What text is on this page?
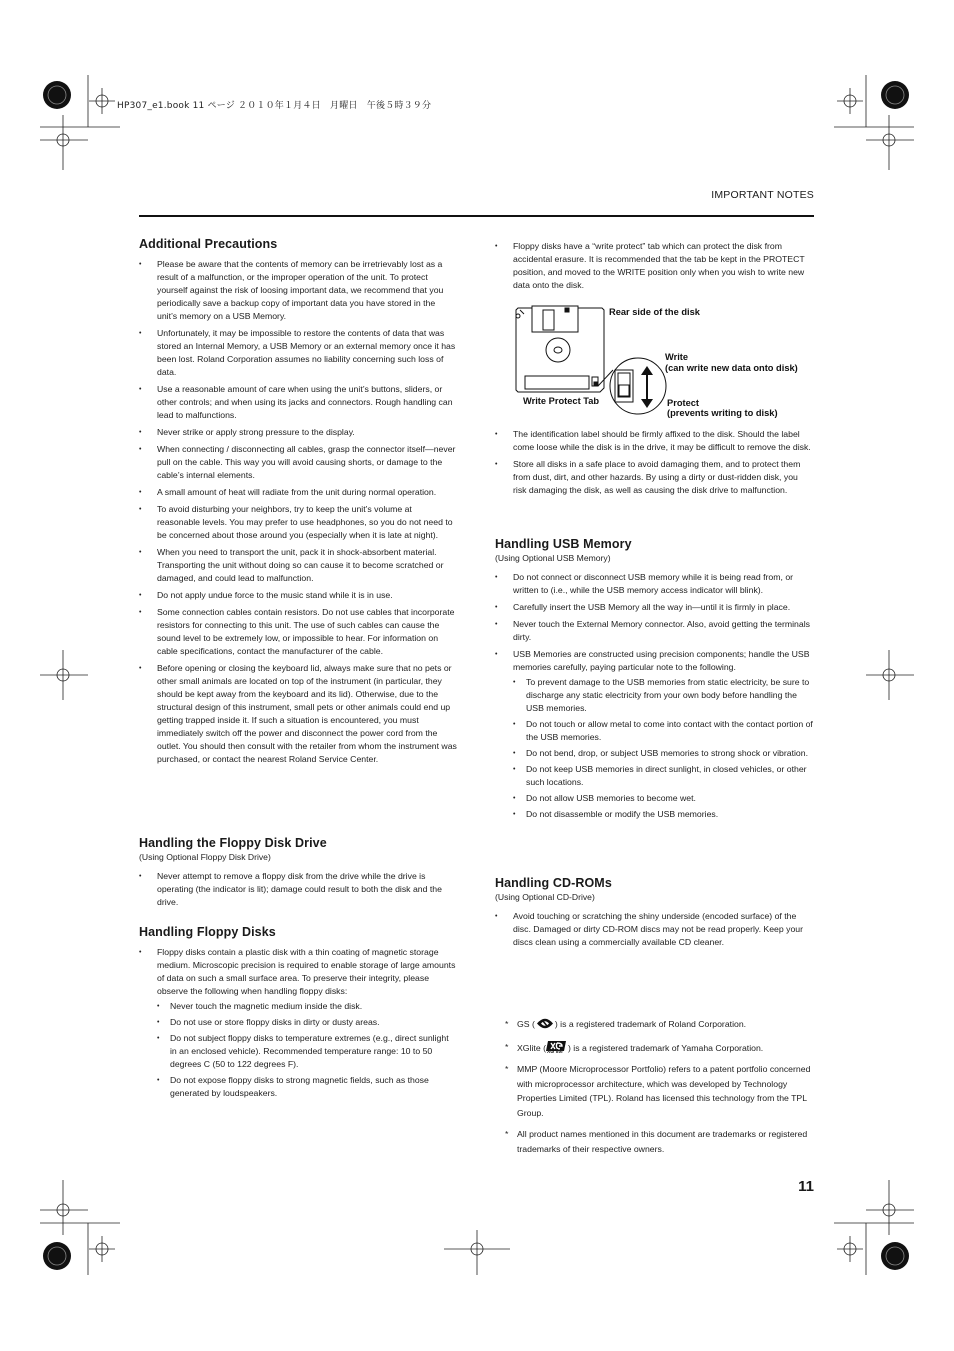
HP307_e1.book 11 ページ ２０１０年１月４日　月曜日　午後５時３９分
IMPORTANT NOTES
Additional Precautions
• Please be aware that the contents of memory can be irretrievably lost as a result of a malfunction, or the improper operation of the unit. To protect yourself against the risk of loosing important data, we recommend that you periodically save a backup copy of important data you have stored in the unit’s memory on a USB Memory.
• Unfortunately, it may be impossible to restore the contents of data that was stored an Internal Memory, a USB Memory or an external memory once it has been lost. Roland Corporation assumes no liability concerning such loss of data.
• Use a reasonable amount of care when using the unit’s buttons, sliders, or other controls; and when using its jacks and connectors. Rough handling can lead to malfunctions.
• Never strike or apply strong pressure to the display.
• When connecting / disconnecting all cables, grasp the connector itself—never pull on the cable. This way you will avoid causing shorts, or damage to the cable’s internal elements.
• A small amount of heat will radiate from the unit during normal operation.
• To avoid disturbing your neighbors, try to keep the unit’s volume at reasonable levels. You may prefer to use headphones, so you do not need to be concerned about those around you (especially when it is late at night).
• When you need to transport the unit, pack it in shock-absorbent material. Transporting the unit without doing so can cause it to become scratched or damaged, and could lead to malfunction.
• Do not apply undue force to the music stand while it is in use.
• Some connection cables contain resistors. Do not use cables that incorporate resistors for connecting to this unit. The use of such cables can cause the sound level to be extremely low, or impossible to hear. For information on cable specifications, contact the manufacturer of the cable.
• Before opening or closing the keyboard lid, always make sure that no pets or other small animals are located on top of the instrument (in particular, they should be kept away from the keyboard and its lid). Otherwise, due to the structural design of this instrument, small pets or other animals could end up getting trapped inside it. If such a situation is encountered, you must immediately switch off the power and disconnect the power cord from the outlet. You should then consult with the retailer from whom the instrument was purchased, or contact the nearest Roland Service Center.
Handling the Floppy Disk Drive

(Using Optional Floppy Disk Drive)

• Never attempt to remove a floppy disk from the drive while the drive is operating (the indicator is lit); damage could result to both the disk and the drive.
Handling Floppy Disks
• Floppy disks contain a plastic disk with a thin coating of magnetic storage medium. Microscopic precision is required to enable storage of large amounts of data on such a small surface area. To preserve their integrity, please observe the following when handling floppy disks:
• Never touch the magnetic medium inside the disk.
• Do not use or store floppy disks in dirty or dusty areas.
• Do not subject floppy disks to temperature extremes (e.g., direct sunlight in an enclosed vehicle). Recommended temperature range: 10 to 50 degrees C (50 to 122 degrees F).
• Do not expose floppy disks to strong magnetic fields, such as those generated by loudspeakers.
• Floppy disks have a “write protect” tab which can protect the disk from accidental erasure. It is recommended that the tab be kept in the PROTECT position, and moved to the WRITE position only when you wish to write new data onto the disk.
Rear side of the disk
Write
(can write new data onto disk)
Write Protect Tab	Protect
(prevents writing to disk)
• The identification label should be firmly affixed to the disk. Should the label come loose while the disk is in the drive, it may be difficult to remove the disk.
• Store all disks in a safe place to avoid damaging them, and to protect them from dust, dirt, and other hazards. By using a dirty or dust-ridden disk, you risk damaging the disk, as well as causing the disk drive to malfunction.
Handling USB Memory

(Using Optional USB Memory)

• Do not connect or disconnect USB memory while it is being read from, or written to (i.e., while the USB memory access indicator will blink).
• Carefully insert the USB Memory all the way in—until it is firmly in place.
• Never touch the External Memory connector. Also, avoid getting the terminals dirty.
• USB Memories are constructed using precision components; handle the USB memories carefully, paying particular note to the following.
• To prevent damage to the USB memories from static electricity, be sure to discharge any static electricity from your own body before handling the USB memories.
• Do not touch or allow metal to come into contact with the contact portion of the USB memories.
• Do not bend, drop, or subject USB memories to strong shock or vibration.
• Do not keep USB memories in direct sunlight, in closed vehicles, or other such locations.
• Do not allow USB memories to become wet.
• Do not disassemble or modify the USB memories.
Handling CD-ROMs

(Using Optional CD-Drive)

• Avoid touching or scratching the shiny underside (encoded surface) of the disc. Damaged or dirty CD-ROM discs may not be read properly. Keep your discs clean using a commercially available CD cleaner.
* GS ( ) is a registered trademark of Roland Corporation.
* XGlite ( XG lite ) is a registered trademark of Yamaha Corporation.
* MMP (Moore Microprocessor Portfolio) refers to a patent portfolio concerned with microprocessor architecture, which was developed by Technology Properties Limited (TPL). Roland has licensed this technology from the TPL Group.
* All product names mentioned in this document are trademarks or registered trademarks of their respective owners.
11
